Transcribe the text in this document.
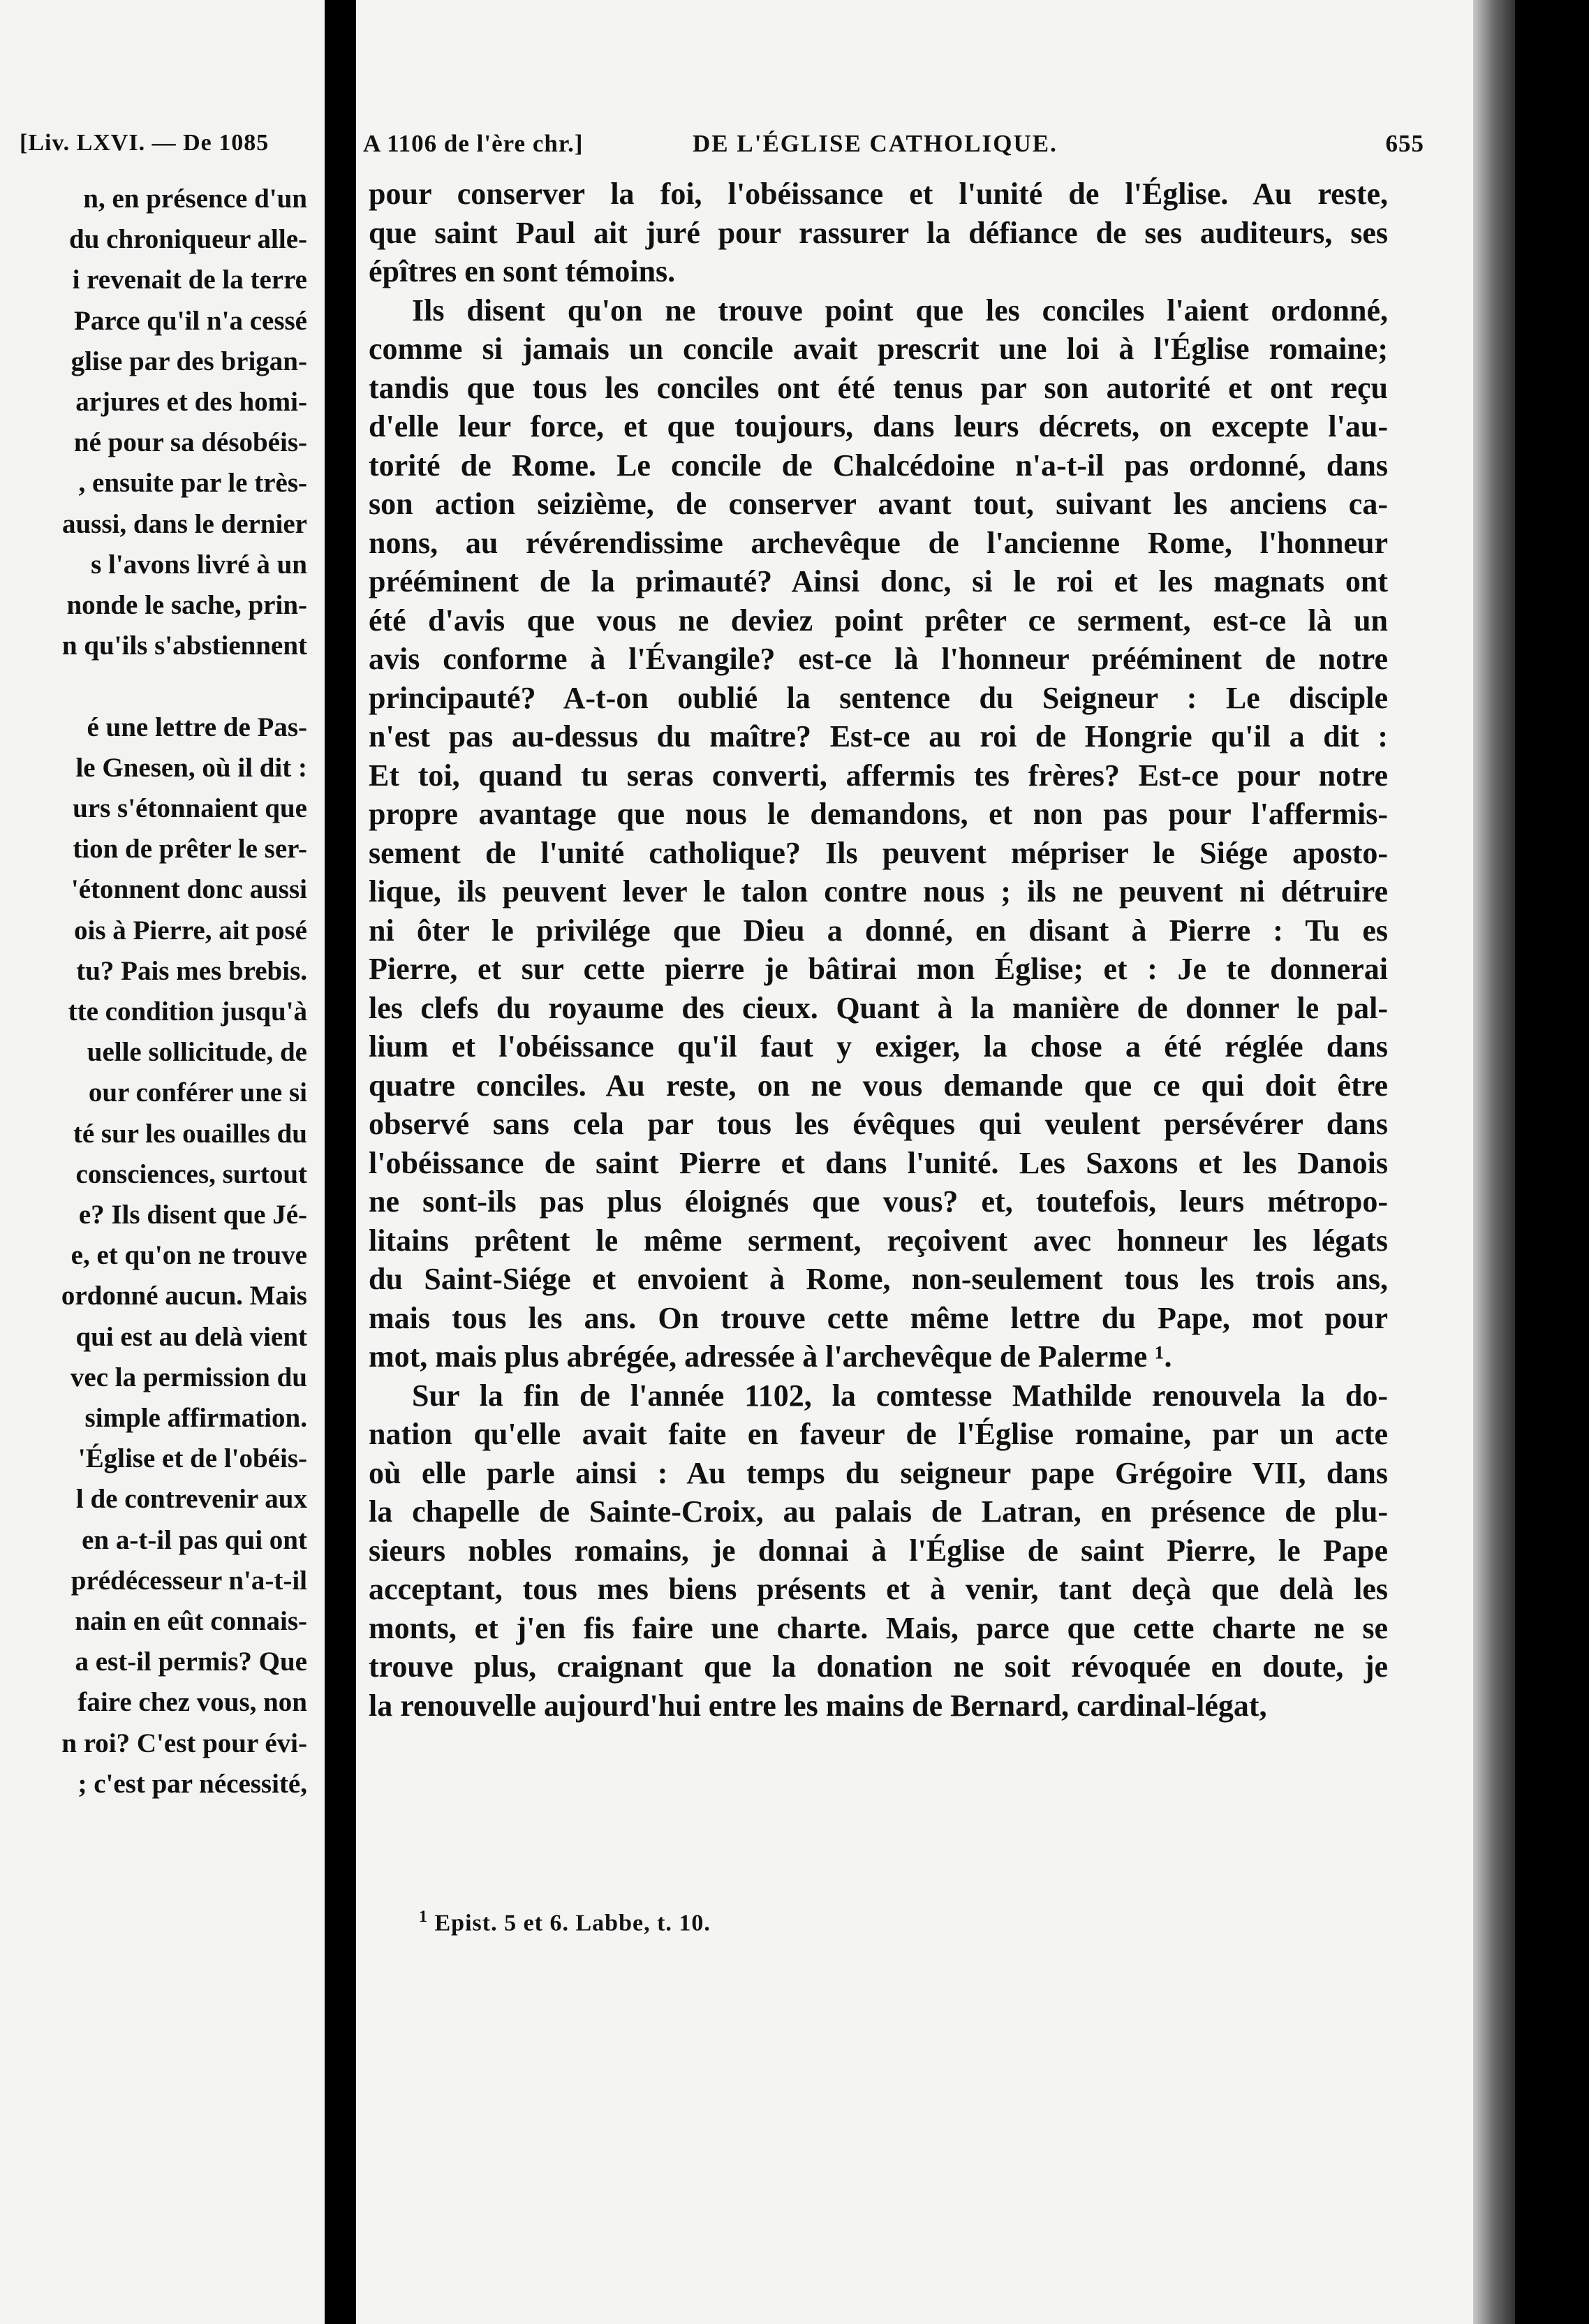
[Liv. LXVI. — De 1085
n, en présence d'un
du chroniqueur alle-
i revenait de la terre
Parce qu'il n'a cessé
glise par des brigan-
arjures et des homi-
né pour sa désobéis-
, ensuite par le très-
aussi, dans le dernier
s l'avons livré à un
nonde le sache, prin-
n qu'ils s'abstiennent
é une lettre de Pas-
le Gnesen, où il dit :
urs s'étonnaient que
tion de prêter le ser-
'étonnent donc aussi
ois à Pierre, ait posé
tu? Pais mes brebis.
tte condition jusqu'à
uelle sollicitude, de
our conférer une si
té sur les ouailles du
consciences, surtout
e? Ils disent que Jé-
e, et qu'on ne trouve
ordonné aucun. Mais
qui est au delà vient
vec la permission du
simple affirmation.
'Église et de l'obéis-
l de contrevenir aux
en a-t-il pas qui ont
prédécesseur n'a-t-il
nain en eût connais-
a est-il permis? Que
faire chez vous, non
n roi? C'est pour évi-
; c'est par nécessité,
A 1106 de l'ère chr.]	DE L'ÉGLISE CATHOLIQUE.	655
pour conserver la foi, l'obéissance et l'unité de l'Église. Au reste,
que saint Paul ait juré pour rassurer la défiance de ses auditeurs, ses
épîtres en sont témoins.
Ils disent qu'on ne trouve point que les conciles l'aient ordonné,
comme si jamais un concile avait prescrit une loi à l'Église romaine;
tandis que tous les conciles ont été tenus par son autorité et ont reçu
d'elle leur force, et que toujours, dans leurs décrets, on excepte l'au-
torité de Rome. Le concile de Chalcédoine n'a-t-il pas ordonné, dans
son action seizième, de conserver avant tout, suivant les anciens ca-
nons, au révérendissime archevêque de l'ancienne Rome, l'honneur
prééminent de la primauté? Ainsi donc, si le roi et les magnats ont
été d'avis que vous ne deviez point prêter ce serment, est-ce là un
avis conforme à l'Évangile? est-ce là l'honneur prééminent de notre
principauté? A-t-on oublié la sentence du Seigneur : Le disciple
n'est pas au-dessus du maître? Est-ce au roi de Hongrie qu'il a dit :
Et toi, quand tu seras converti, affermis tes frères? Est-ce pour notre
propre avantage que nous le demandons, et non pas pour l'affermis-
sement de l'unité catholique? Ils peuvent mépriser le Siége aposto-
lique, ils peuvent lever le talon contre nous ; ils ne peuvent ni détruire
ni ôter le privilége que Dieu a donné, en disant à Pierre : Tu es
Pierre, et sur cette pierre je bâtirai mon Église; et : Je te donnerai
les clefs du royaume des cieux. Quant à la manière de donner le pal-
lium et l'obéissance qu'il faut y exiger, la chose a été réglée dans
quatre conciles. Au reste, on ne vous demande que ce qui doit être
observé sans cela par tous les évêques qui veulent persévérer dans
l'obéissance de saint Pierre et dans l'unité. Les Saxons et les Danois
ne sont-ils pas plus éloignés que vous? et, toutefois, leurs métropo-
litains prêtent le même serment, reçoivent avec honneur les légats
du Saint-Siége et envoient à Rome, non-seulement tous les trois ans,
mais tous les ans. On trouve cette même lettre du Pape, mot pour
mot, mais plus abrégée, adressée à l'archevêque de Palerme ¹.
Sur la fin de l'année 1102, la comtesse Mathilde renouvela la do-
nation qu'elle avait faite en faveur de l'Église romaine, par un acte
où elle parle ainsi : Au temps du seigneur pape Grégoire VII, dans
la chapelle de Sainte-Croix, au palais de Latran, en présence de plu-
sieurs nobles romains, je donnai à l'Église de saint Pierre, le Pape
acceptant, tous mes biens présents et à venir, tant deçà que delà les
monts, et j'en fis faire une charte. Mais, parce que cette charte ne se
trouve plus, craignant que la donation ne soit révoquée en doute, je
la renouvelle aujourd'hui entre les mains de Bernard, cardinal-légat,
$^1$ Epist. 5 et 6. Labbe, t. 10.
